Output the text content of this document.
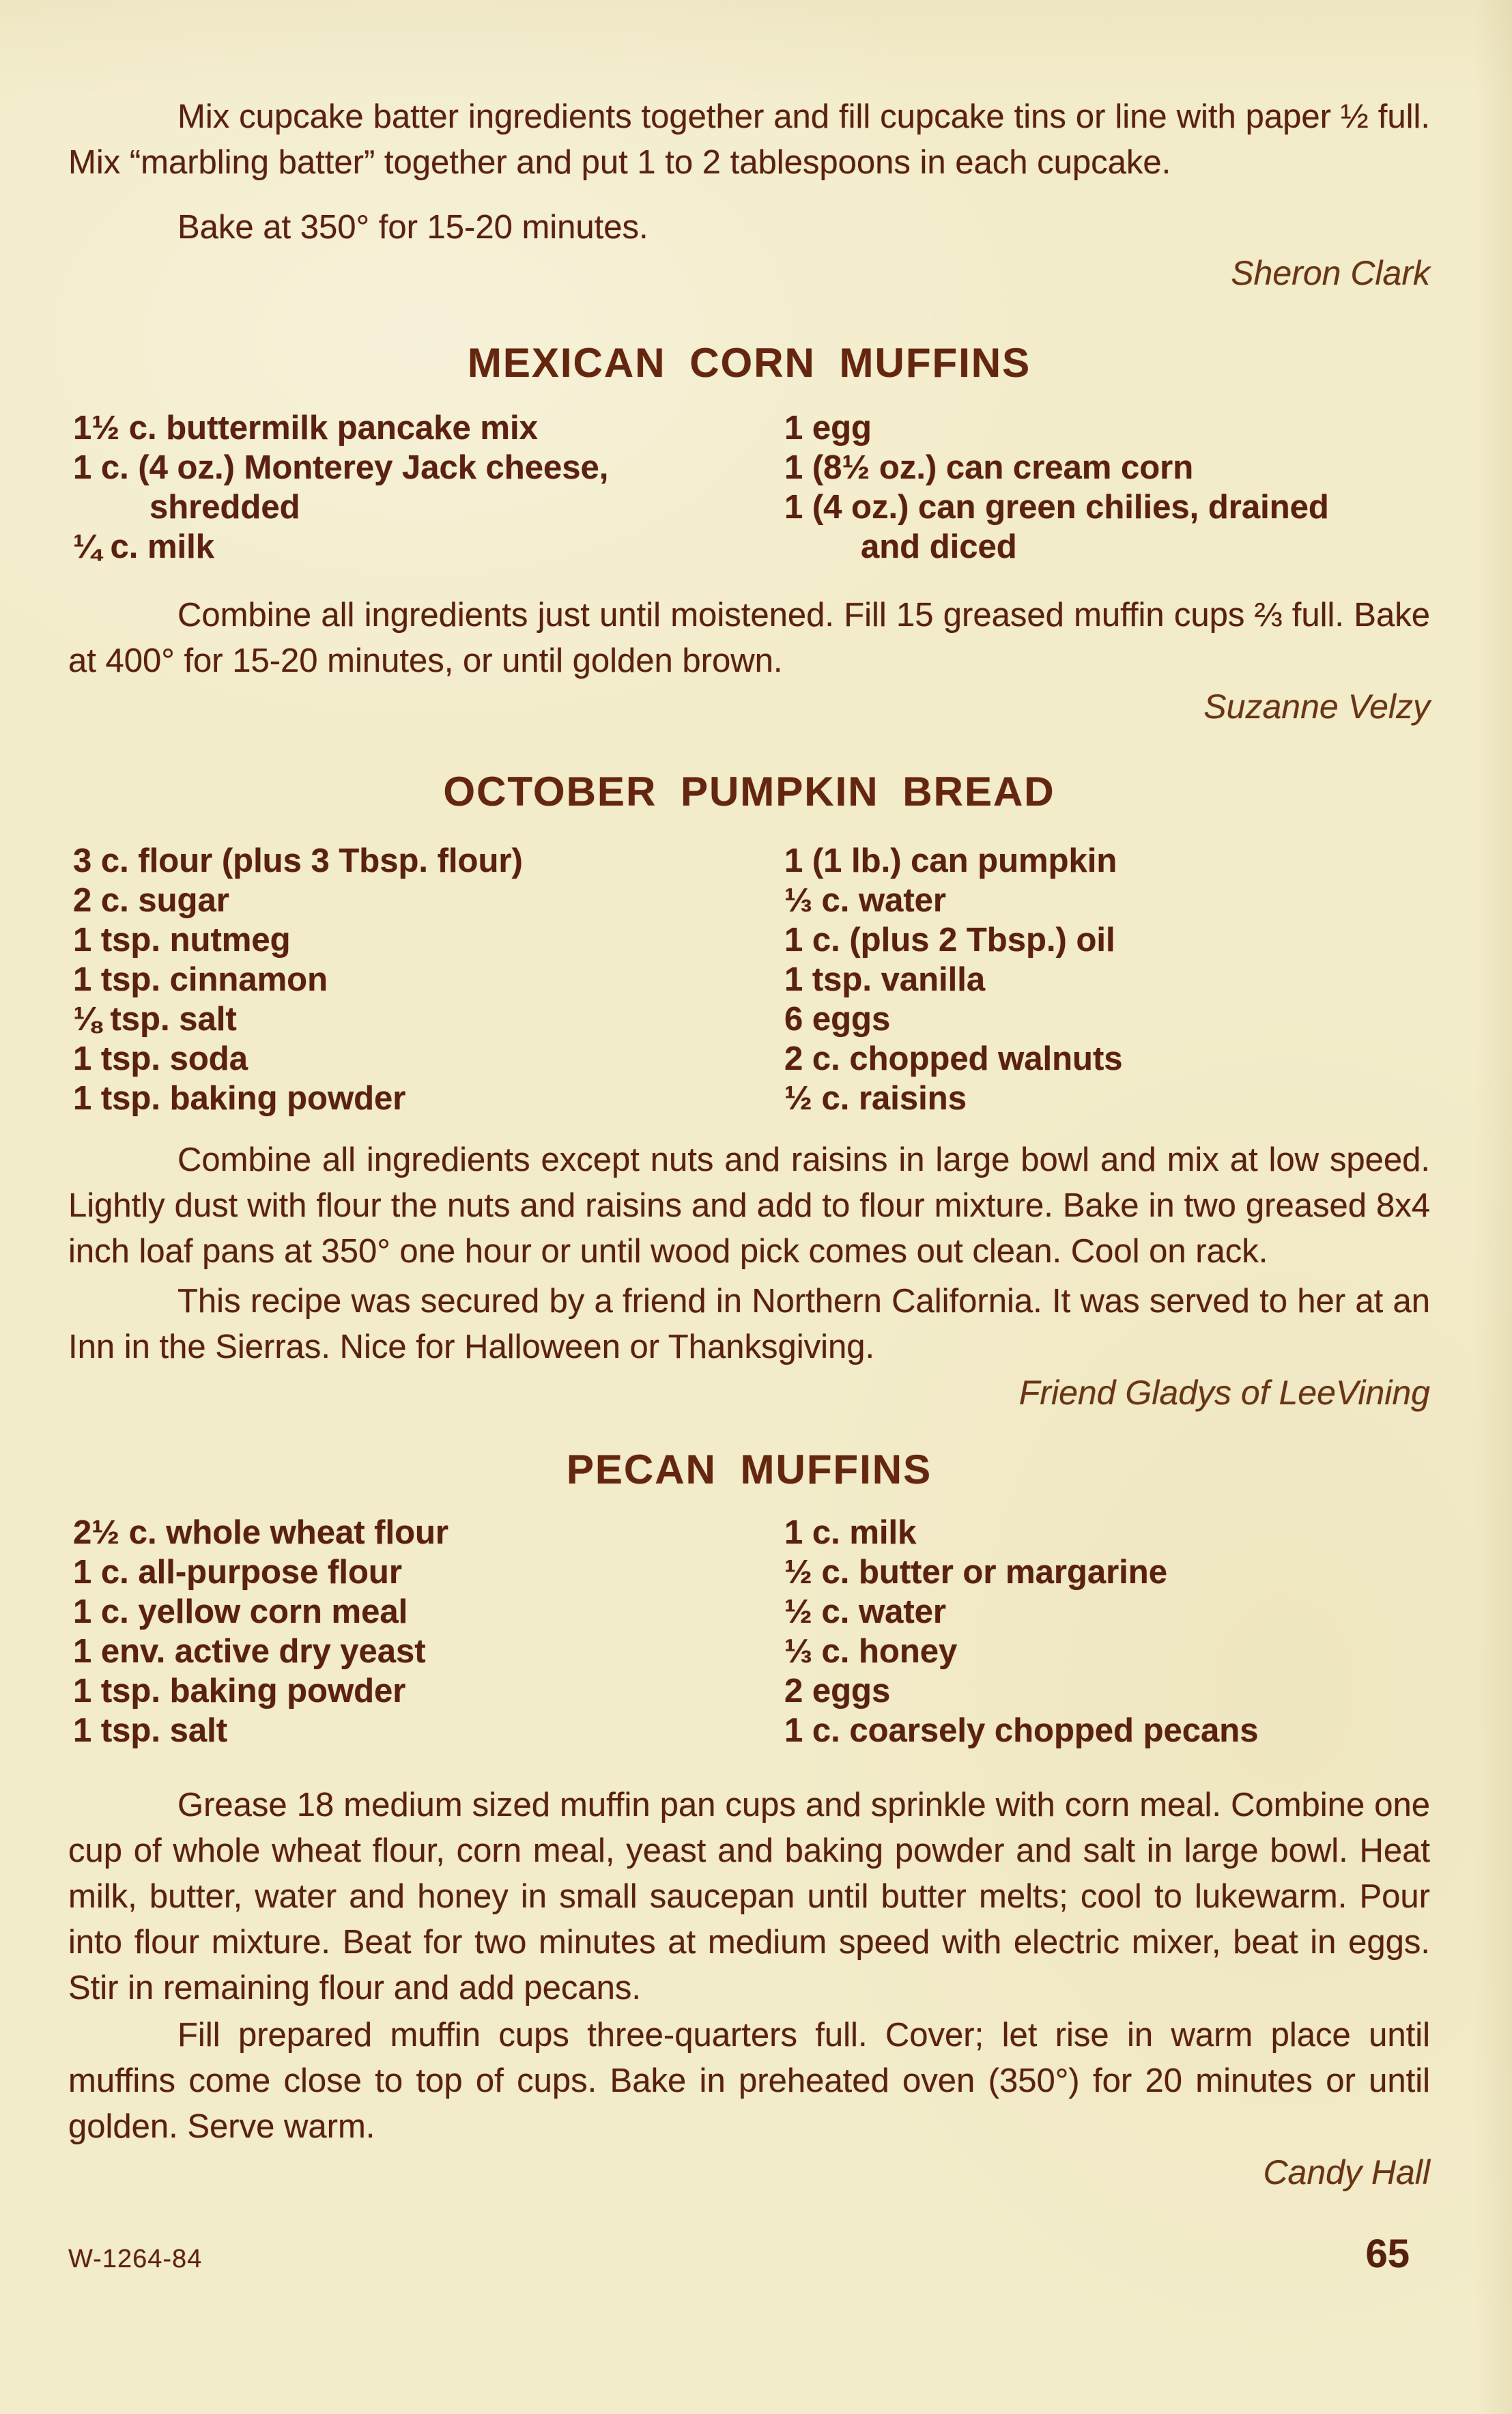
Mix cupcake batter ingredients together and fill cupcake tins or line with paper ½ full. Mix “marbling batter” together and put 1 to 2 tablespoons in each cupcake.

Bake at 350° for 15-20 minutes.

Sheron Clark

MEXICAN CORN MUFFINS
1½ c. buttermilk pancake mix
1 c. (4 oz.) Monterey Jack cheese,
shredded
¼ c. milk
1 egg
1 (8½ oz.) can cream corn
1 (4 oz.) can green chilies, drained
and diced

Combine all ingredients just until moistened. Fill 15 greased muffin cups ⅔ full. Bake at 400° for 15-20 minutes, or until golden brown.

Suzanne Velzy

OCTOBER PUMPKIN BREAD
3 c. flour (plus 3 Tbsp. flour)
2 c. sugar
1 tsp. nutmeg
1 tsp. cinnamon
⅛ tsp. salt
1 tsp. soda
1 tsp. baking powder
1 (1 lb.) can pumpkin
⅓ c. water
1 c. (plus 2 Tbsp.) oil
1 tsp. vanilla
6 eggs
2 c. chopped walnuts
½ c. raisins

Combine all ingredients except nuts and raisins in large bowl and mix at low speed. Lightly dust with flour the nuts and raisins and add to flour mixture. Bake in two greased 8x4 inch loaf pans at 350° one hour or until wood pick comes out clean. Cool on rack.

This recipe was secured by a friend in Northern California. It was served to her at an Inn in the Sierras. Nice for Halloween or Thanksgiving.

Friend Gladys of LeeVining

PECAN MUFFINS
2½ c. whole wheat flour
1 c. all-purpose flour
1 c. yellow corn meal
1 env. active dry yeast
1 tsp. baking powder
1 tsp. salt
1 c. milk
½ c. butter or margarine
½ c. water
⅓ c. honey
2 eggs
1 c. coarsely chopped pecans

Grease 18 medium sized muffin pan cups and sprinkle with corn meal. Combine one cup of whole wheat flour, corn meal, yeast and baking powder and salt in large bowl. Heat milk, butter, water and honey in small saucepan until butter melts; cool to lukewarm. Pour into flour mixture. Beat for two minutes at medium speed with electric mixer, beat in eggs. Stir in remaining flour and add pecans.

Fill prepared muffin cups three-quarters full. Cover; let rise in warm place until muffins come close to top of cups. Bake in preheated oven (350°) for 20 minutes or until golden. Serve warm.

Candy Hall

W-1264-84	65
